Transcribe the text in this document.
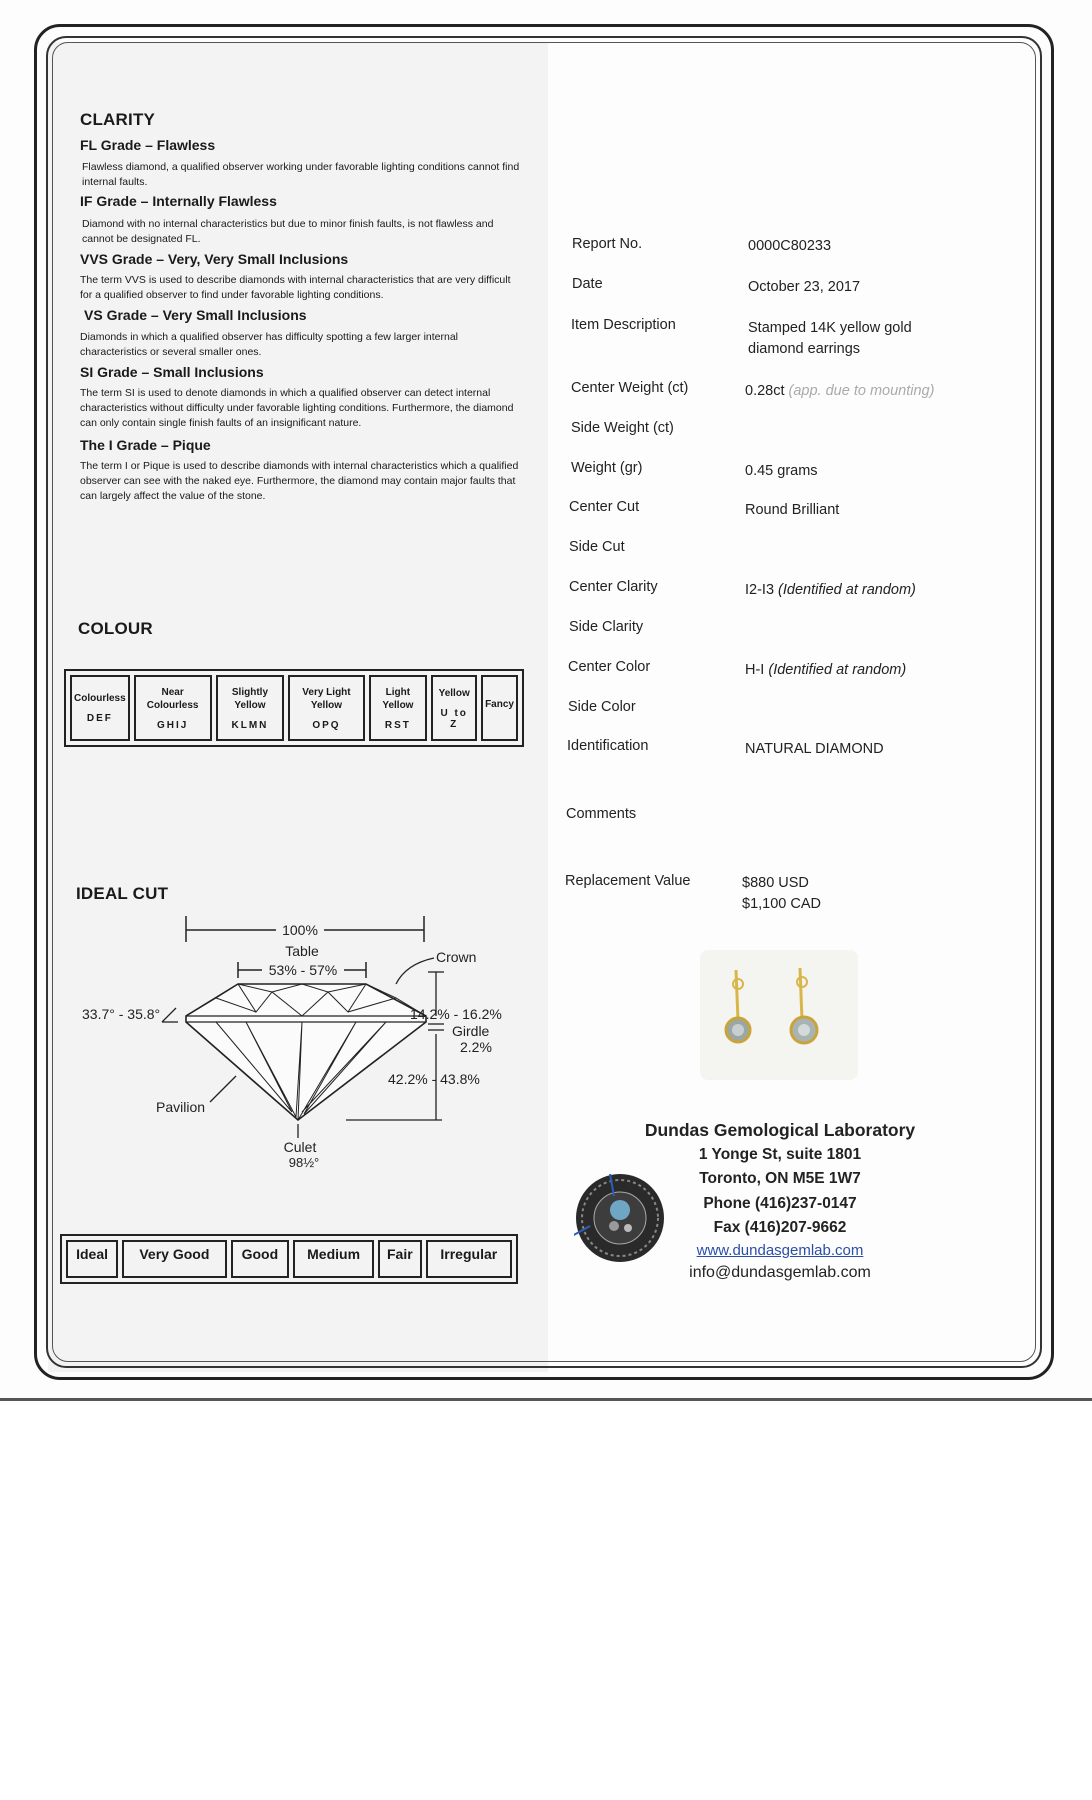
CLARITY
FL Grade – Flawless
Flawless diamond, a qualified observer working under favorable lighting conditions cannot find internal faults.
IF Grade – Internally Flawless
Diamond with no internal characteristics but due to minor finish faults, is not flawless and cannot be designated FL.
VVS Grade – Very, Very Small Inclusions
The term VVS is used to describe diamonds with internal characteristics that are very difficult for a qualified observer to find under favorable lighting conditions.
VS Grade – Very Small Inclusions
Diamonds in which a qualified observer has difficulty spotting a few larger internal characteristics or several smaller ones.
SI Grade – Small Inclusions
The term SI is used to denote diamonds in which a qualified observer can detect internal characteristics without difficulty under favorable lighting conditions. Furthermore, the diamond can only contain single finish faults of an insignificant nature.
The I Grade – Pique
The term I or Pique is used to describe diamonds with internal characteristics which a qualified observer can see with the naked eye. Furthermore, the diamond may contain major faults that can largely affect the value of the stone.
COLOUR
Colourless
DEF

Near Colourless
GHIJ

Slightly Yellow
KLMN

Very Light Yellow
OPQ

Light Yellow
RST

Yellow
U to Z

Fancy
IDEAL CUT
100%
Table
53% - 57%
Crown
33.7° - 35.8°	14.2% - 16.2%
Girdle
2.2%
42.2% - 43.8%
Pavilion
Culet
98½°
Ideal	Very Good	Good	Medium	Fair	Irregular
Report No.	0000C80233
Date	October 23, 2017
Item Description	Stamped 14K yellow gold
diamond earrings
Center Weight (ct)	0.28ct (app. due to mounting)
Side Weight (ct)
Weight (gr)	0.45 grams
Center Cut	Round Brilliant
Side Cut
Center Clarity	I2-I3 (Identified at random)
Side Clarity
Center Color	H-I (Identified at random)
Side Color
Identification	NATURAL DIAMOND
Comments
Replacement Value	$880 USD
$1,100 CAD
Dundas Gemological Laboratory
1 Yonge St, suite 1801
Toronto, ON M5E 1W7
Phone (416)237-0147
Fax (416)207-9662
www.dundasgemlab.com
info@dundasgemlab.com
